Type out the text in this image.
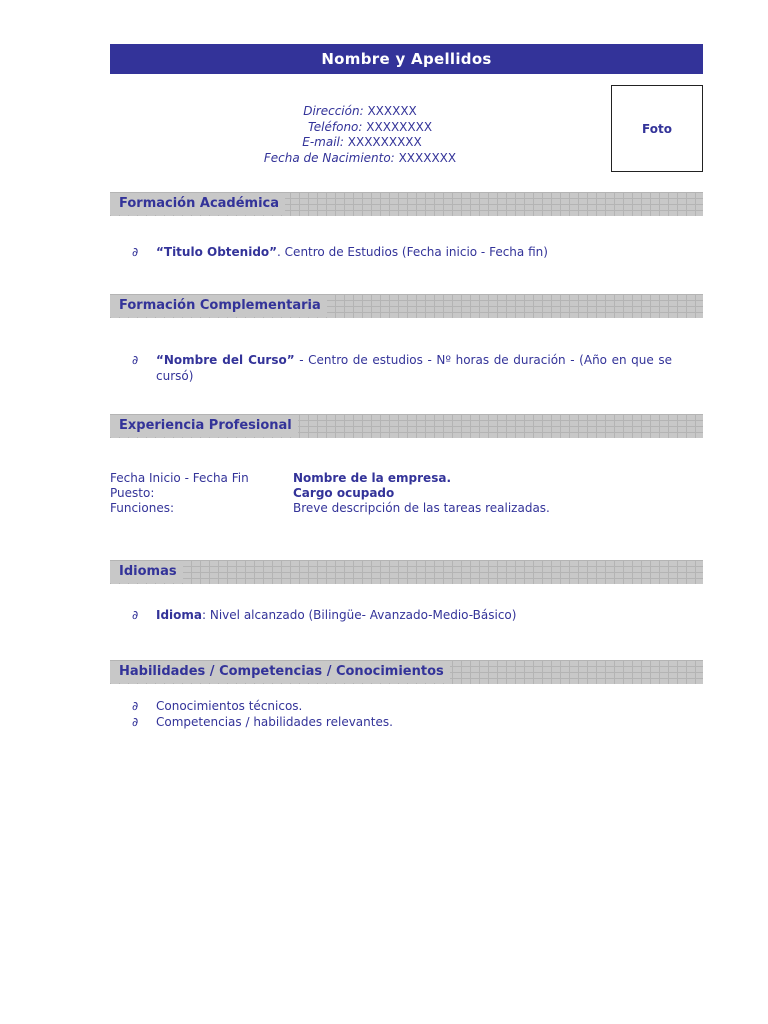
Nombre y Apellidos
Dirección: XXXXXX
Teléfono: XXXXXXXX
E-mail: XXXXXXXXX
Fecha de Nacimiento: XXXXXXX
Foto
Formación Académica
∂	“Titulo Obtenido”. Centro de Estudios (Fecha inicio - Fecha fin)
Formación Complementaria
∂	“Nombre del Curso” - Centro de estudios - Nº horas de duración - (Año en que se cursó)
Experiencia Profesional
Fecha Inicio - Fecha Fin	Nombre de la empresa.
Puesto:	Cargo ocupado
Funciones:	Breve descripción de las tareas realizadas.
Idiomas
∂	Idioma: Nivel alcanzado (Bilingüe- Avanzado-Medio-Básico)
Habilidades / Competencias / Conocimientos
∂	Conocimientos técnicos.
∂	Competencias / habilidades relevantes.
